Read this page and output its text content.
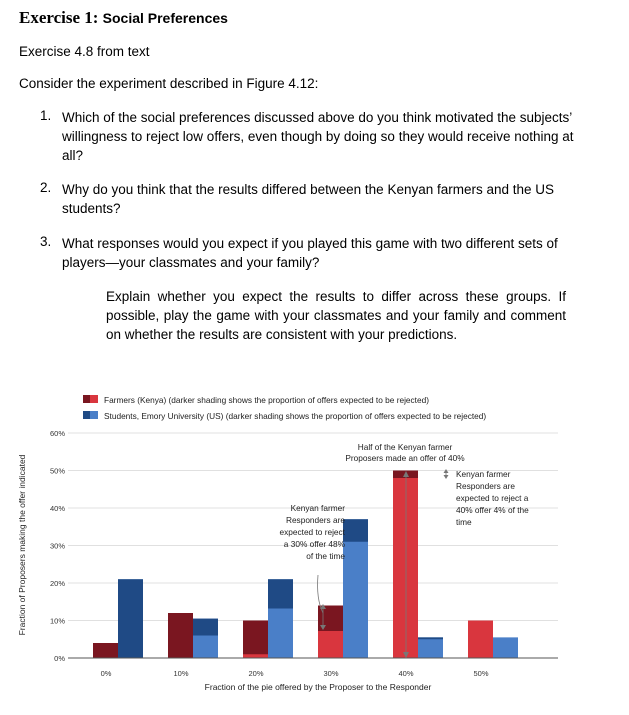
Exercise 1: Social Preferences
Exercise 4.8 from text
Consider the experiment described in Figure 4.12:
1. Which of the social preferences discussed above do you think motivated the subjects’ willingness to reject low offers, even though by doing so they would receive nothing at all?
2. Why do you think that the results differed between the Kenyan farmers and the US students?
3. What responses would you expect if you played this game with two different sets of players—your classmates and your family?
Explain whether you expect the results to differ across these groups. If possible, play the game with your classmates and your family and comment on whether the results are consistent with your predictions.
Farmers (Kenya) (darker shading shows the proportion of offers expected to be rejected)
Students, Emory University (US) (darker shading shows the proportion of offers expected to be rejected)
0%
10%
20%
30%
40%
50%
60%
0%	10%	20%	30%	40%	50%
Fraction of Proposers making the offer indicated
Fraction of the pie offered by the Proposer to the Responder
Half of the Kenyan farmer
Proposers made an offer of 40%
Kenyan farmer
Responders are
expected to reject
a 30% offer 48%
of the time
Kenyan farmer
Responders are
expected to reject a
40% offer 4% of the
time
